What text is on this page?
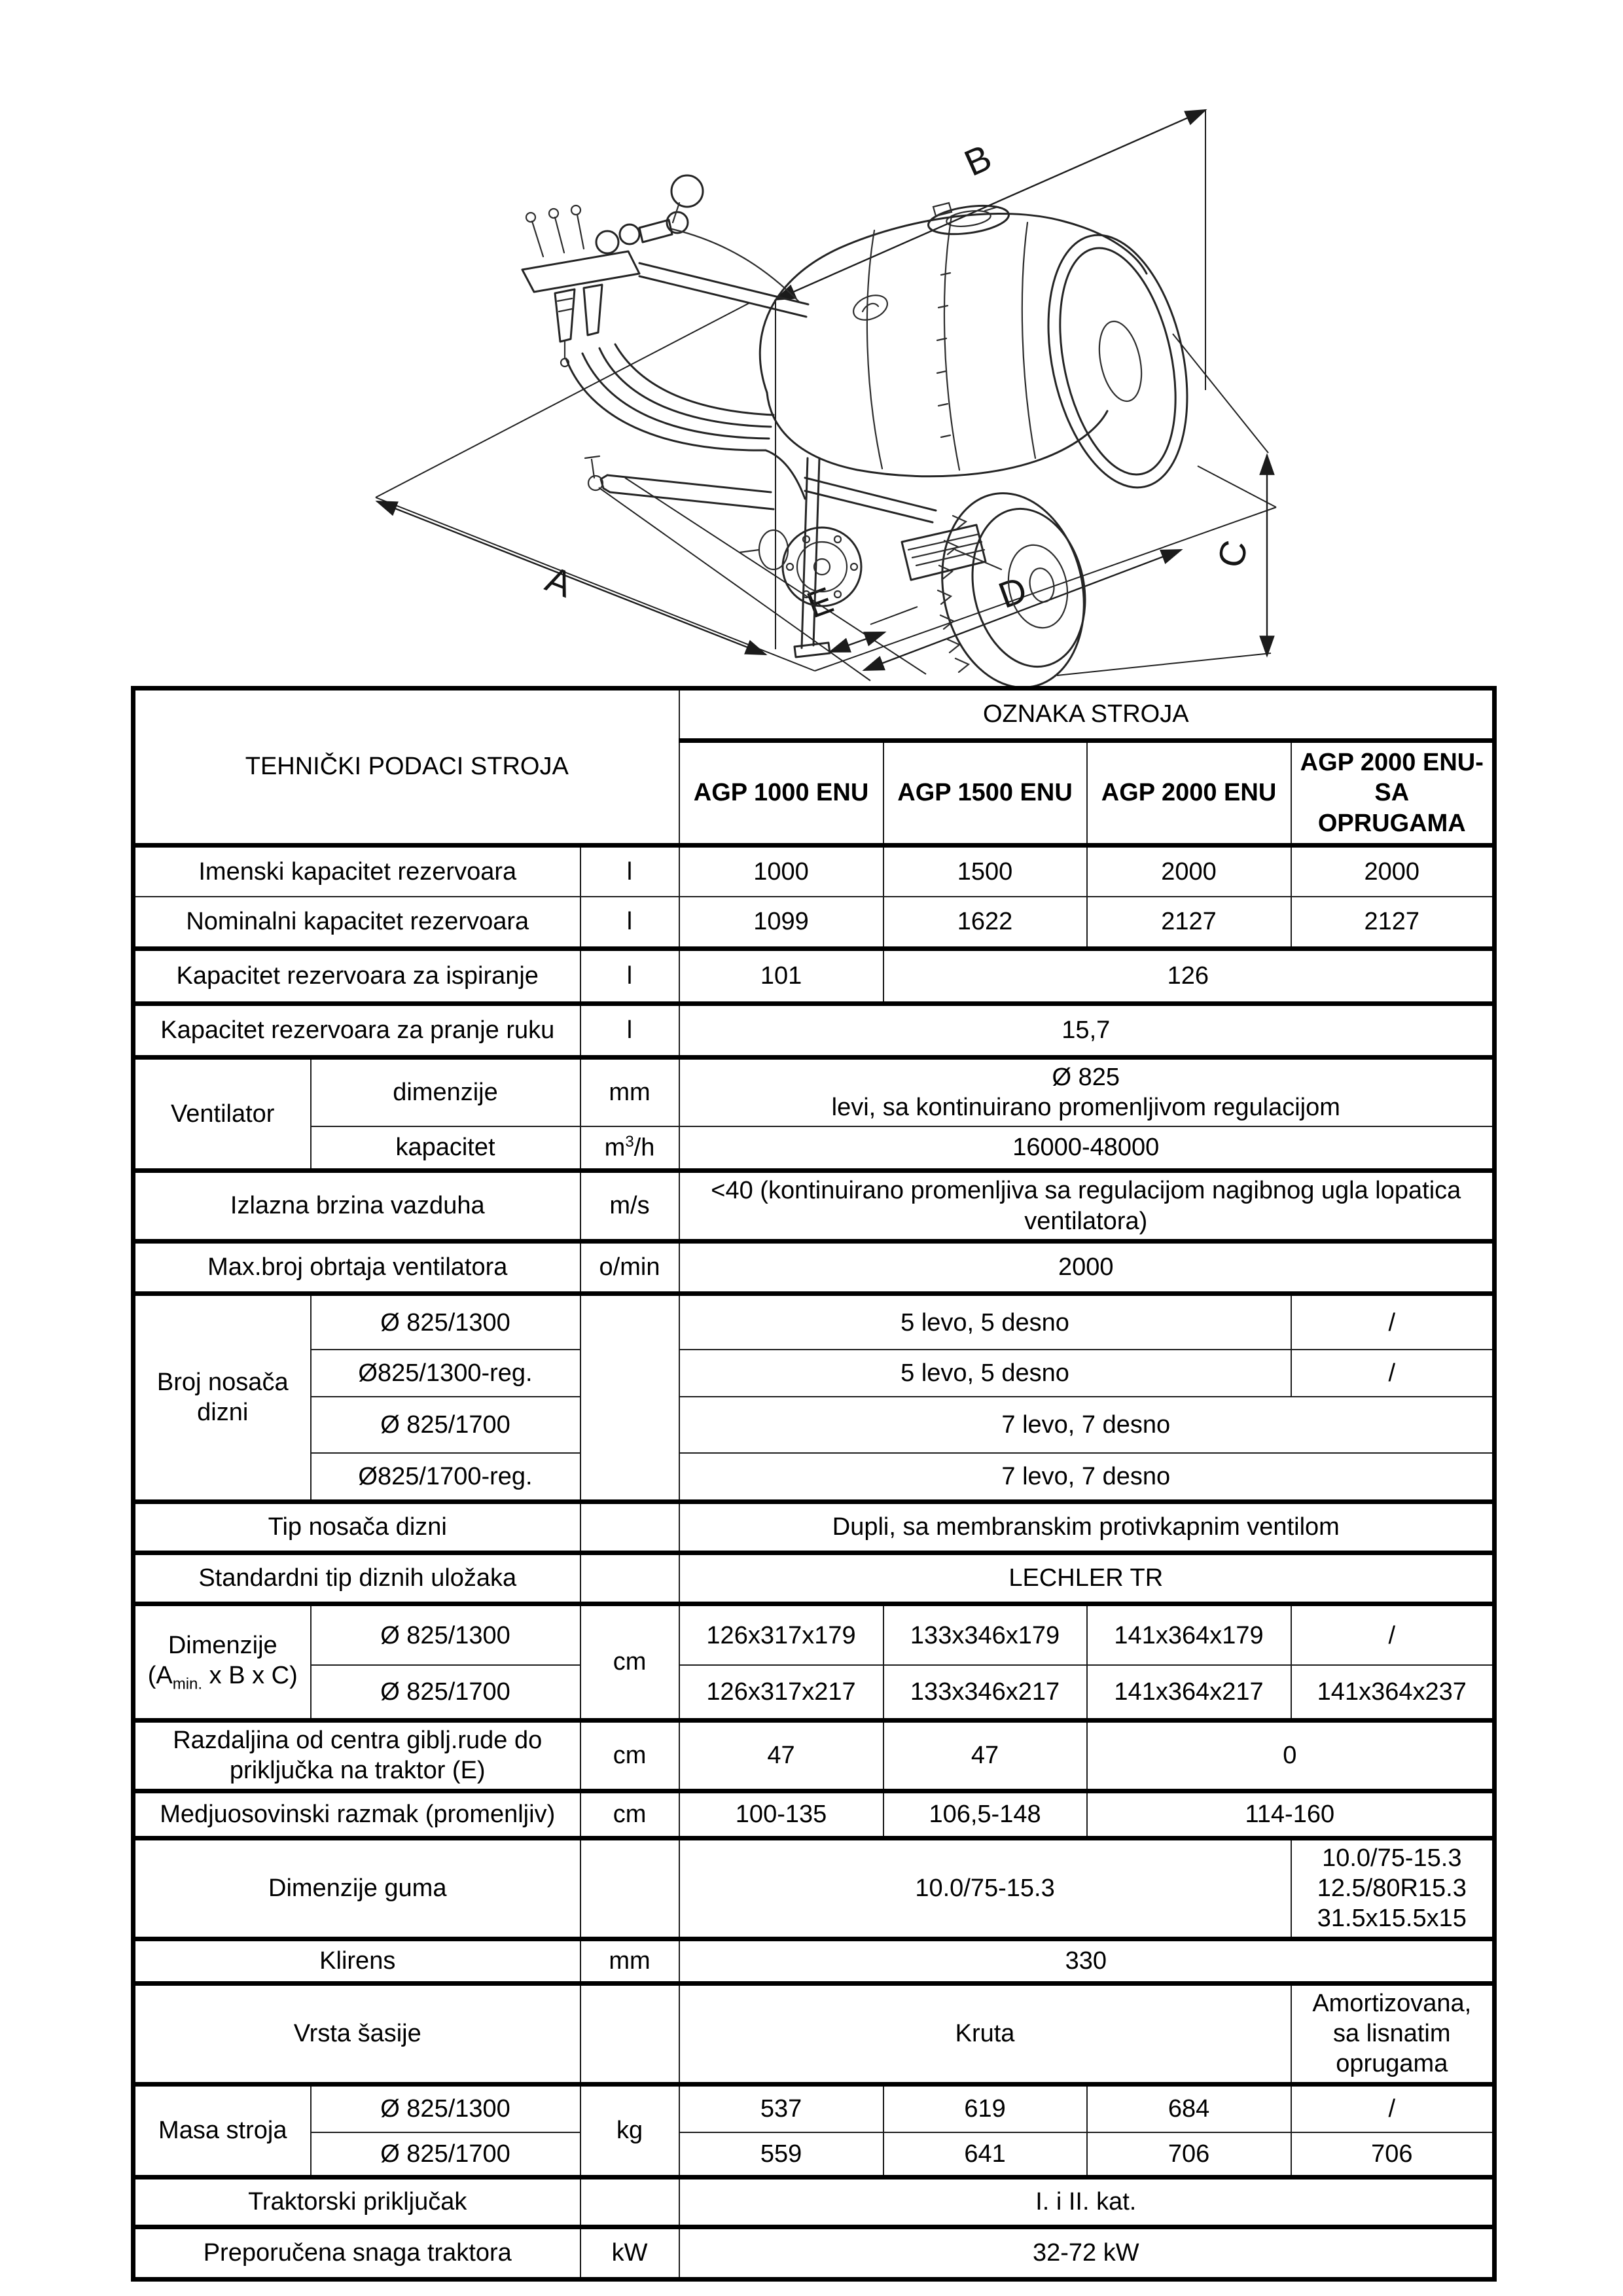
A
B
C
D
E
TEHNIČKI PODACI STROJA			OZNAKA STROJA			
			AGP 1000 ENU	AGP 1500 ENU	AGP 2000 ENU	AGP 2000 ENU-SA OPRUGAMA
Imenski kapacitet rezervoara		l	1000	1500	2000	2000
Nominalni kapacitet rezervoara		l	1099	1622	2127	2127
Kapacitet rezervoara za ispiranje		l	101	126		
Kapacitet rezervoara za pranje ruku		l	15,7			
Ventilator	dimenzije	mm	Ø 825
levi, sa kontinuirano promenljivom regulacijom			

	kapacitet	$m^3/h$	16000-48000			
Izlazna brzina vazduha		m/s	<40 (kontinuirano promenljiva sa regulacijom nagibnog ugla lopatica ventilatora)			
Max.broj obrtaja ventilatora		o/min	2000			
Broj nosača dizni	Ø 825/1300		5 levo, 5 desno			/
	Ø825/1300-reg.		5 levo, 5 desno			/
	Ø 825/1700		7 levo, 7 desno			
	Ø825/1700-reg.		7 levo, 7 desno			
Tip nosača dizni			Dupli, sa membranskim protivkapnim ventilom			
Standardni tip diznih uložaka			LECHLER TR			

Dimenzije
($A_{min.}$ x B x C)	Ø 825/1300	cm	126x317x179	133x346x179	141x364x179	/
	Ø 825/1700		126x317x217	133x346x217	141x364x217	141x364x237
Razdaljina od centra giblj.rude do priključka na traktor (E)		cm	47	47	0	
Medjuosovinski razmak (promenljiv)		cm	100-135	106,5-148	114-160	
Dimenzije guma			10.0/75-15.3			10.0/75-15.3
12.5/80R15.3
31.5x15.5x15

Klirens		mm	330			
Vrsta šasije			Kruta			Amortizovana, sa lisnatim oprugama
Masa stroja	Ø 825/1300	kg	537	619	684	/
	Ø 825/1700		559	641	706	706
Traktorski priključak			I. i II. kat.			
Preporučena snaga traktora		kW	32-72 kW			
